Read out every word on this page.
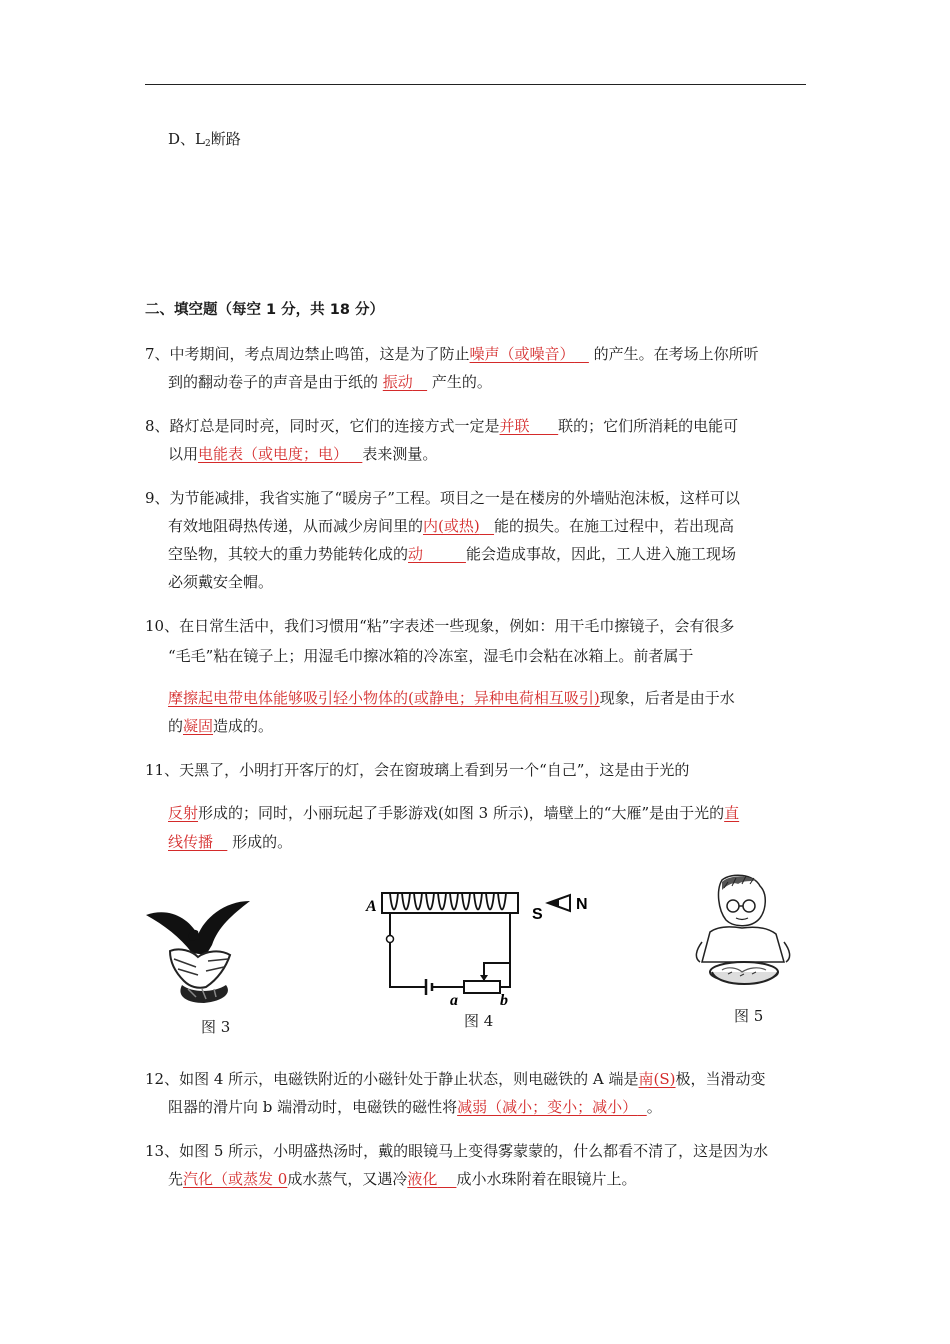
D、$L_2$断路
二、填空题（每空 1 分，共 18 分）
7、中考期间，考点周边禁止鸣笛，这是为了防止噪声（或噪音）    的产生。在考场上你所听
到的翻动卷子的声音是由于纸的 振动    产生的。
8、路灯总是同时亮，同时灭，它们的连接方式一定是并联 联的；它们所消耗的电能可
以用电能表（或电度；电） 表来测量。
9、为节能减排，我省实施了“暖房子”工程。项目之一是在楼房的外墙贴泡沫板，这样可以
有效地阻碍热传递，从而减少房间里的内(或热) 能的损失。在施工过程中，若出现高
空坠物，其较大的重力势能转化成的动	能会造成事故，因此，工人进入施工现场
必须戴安全帽。
10、在日常生活中，我们习惯用“粘”字表述一些现象，例如：用干毛巾擦镜子，会有很多
“毛毛”粘在镜子上；用湿毛巾擦冰箱的冷冻室，湿毛巾会粘在冰箱上。前者属于
摩擦起电带电体能够吸引轻小物体的(或静电；异种电荷相互吸引)现象，后者是由于水
的凝固造成的。
11、天黑了，小明打开客厅的灯，会在窗玻璃上看到另一个“自己”，这是由于光的
反射形成的；同时，小丽玩起了手影游戏(如图 3 所示)，墙壁上的“大雁”是由于光的直
线传播    形成的。
图 3
A	S
N
a	b
图 4	图 5
12、如图 4 所示，电磁铁附近的小磁针处于静止状态，则电磁铁的 A 端是南(S)极，当滑动变
阻器的滑片向 b 端滑动时，电磁铁的磁性将减弱（减小；变小；减小） 。
13、如图 5 所示，小明盛热汤时，戴的眼镜马上变得雾蒙蒙的，什么都看不清了，这是因为水
先汽化（或蒸发 0成水蒸气，又遇冷液化 成小水珠附着在眼镜片上。
